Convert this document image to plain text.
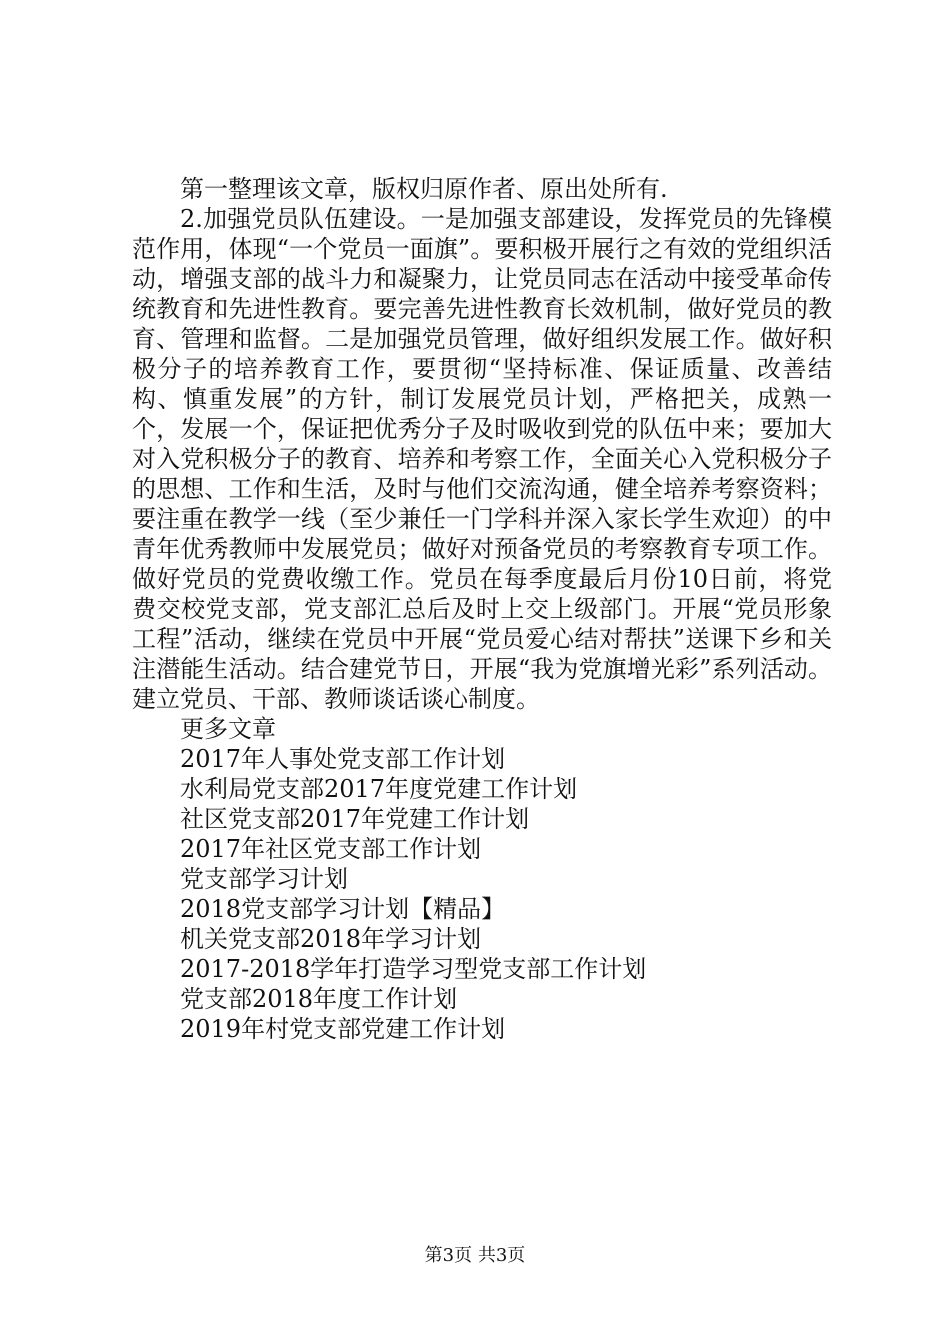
第一整理该文章，版权归原作者、原出处所有.

2.加强党员队伍建设。一是加强支部建设，发挥党员的先锋模范作用，体现“一个党员一面旗”。要积极开展行之有效的党组织活动，增强支部的战斗力和凝聚力，让党员同志在活动中接受革命传统教育和先进性教育。要完善先进性教育长效机制，做好党员的教育、管理和监督。二是加强党员管理，做好组织发展工作。做好积极分子的培养教育工作，要贯彻“坚持标准、保证质量、改善结构、慎重发展”的方针，制订发展党员计划，严格把关，成熟一个，发展一个，保证把优秀分子及时吸收到党的队伍中来；要加大对入党积极分子的教育、培养和考察工作，全面关心入党积极分子的思想、工作和生活，及时与他们交流沟通，健全培养考察资料；要注重在教学一线（至少兼任一门学科并深入家长学生欢迎）的中青年优秀教师中发展党员；做好对预备党员的考察教育专项工作。做好党员的党费收缴工作。党员在每季度最后月份10日前，将党费交校党支部，党支部汇总后及时上交上级部门。开展“党员形象工程”活动，继续在党员中开展“党员爱心结对帮扶”送课下乡和关注潜能生活动。结合建党节日，开展“我为党旗增光彩”系列活动。建立党员、干部、教师谈话谈心制度。

更多文章

2017年人事处党支部工作计划
水利局党支部2017年度党建工作计划
社区党支部2017年党建工作计划
2017年社区党支部工作计划
党支部学习计划
2018党支部学习计划【精品】
机关党支部2018年学习计划
2017-2018学年打造学习型党支部工作计划
党支部2018年度工作计划
2019年村党支部党建工作计划
第3页 共3页
